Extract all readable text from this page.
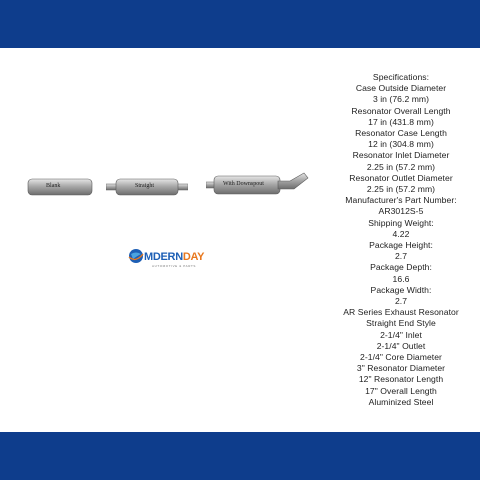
Blank	Straight	With Downspout
MDERNDAY
AUTOMOTIVE & PARTS
Specifications:
Case Outside Diameter
3 in (76.2 mm)
Resonator Overall Length
17 in (431.8 mm)
Resonator Case Length
12 in (304.8 mm)
Resonator Inlet Diameter
2.25 in (57.2 mm)
Resonator Outlet Diameter
2.25 in (57.2 mm)
Manufacturer's Part Number:
AR3012S-5
Shipping Weight:
4.22
Package Height:
2.7
Package Depth:
16.6
Package Width:
2.7
AR Series Exhaust Resonator
Straight End Style
2-1/4" Inlet
2-1/4" Outlet
2-1/4" Core Diameter
3" Resonator Diameter
12" Resonator Length
17" Overall Length
Aluminized Steel
